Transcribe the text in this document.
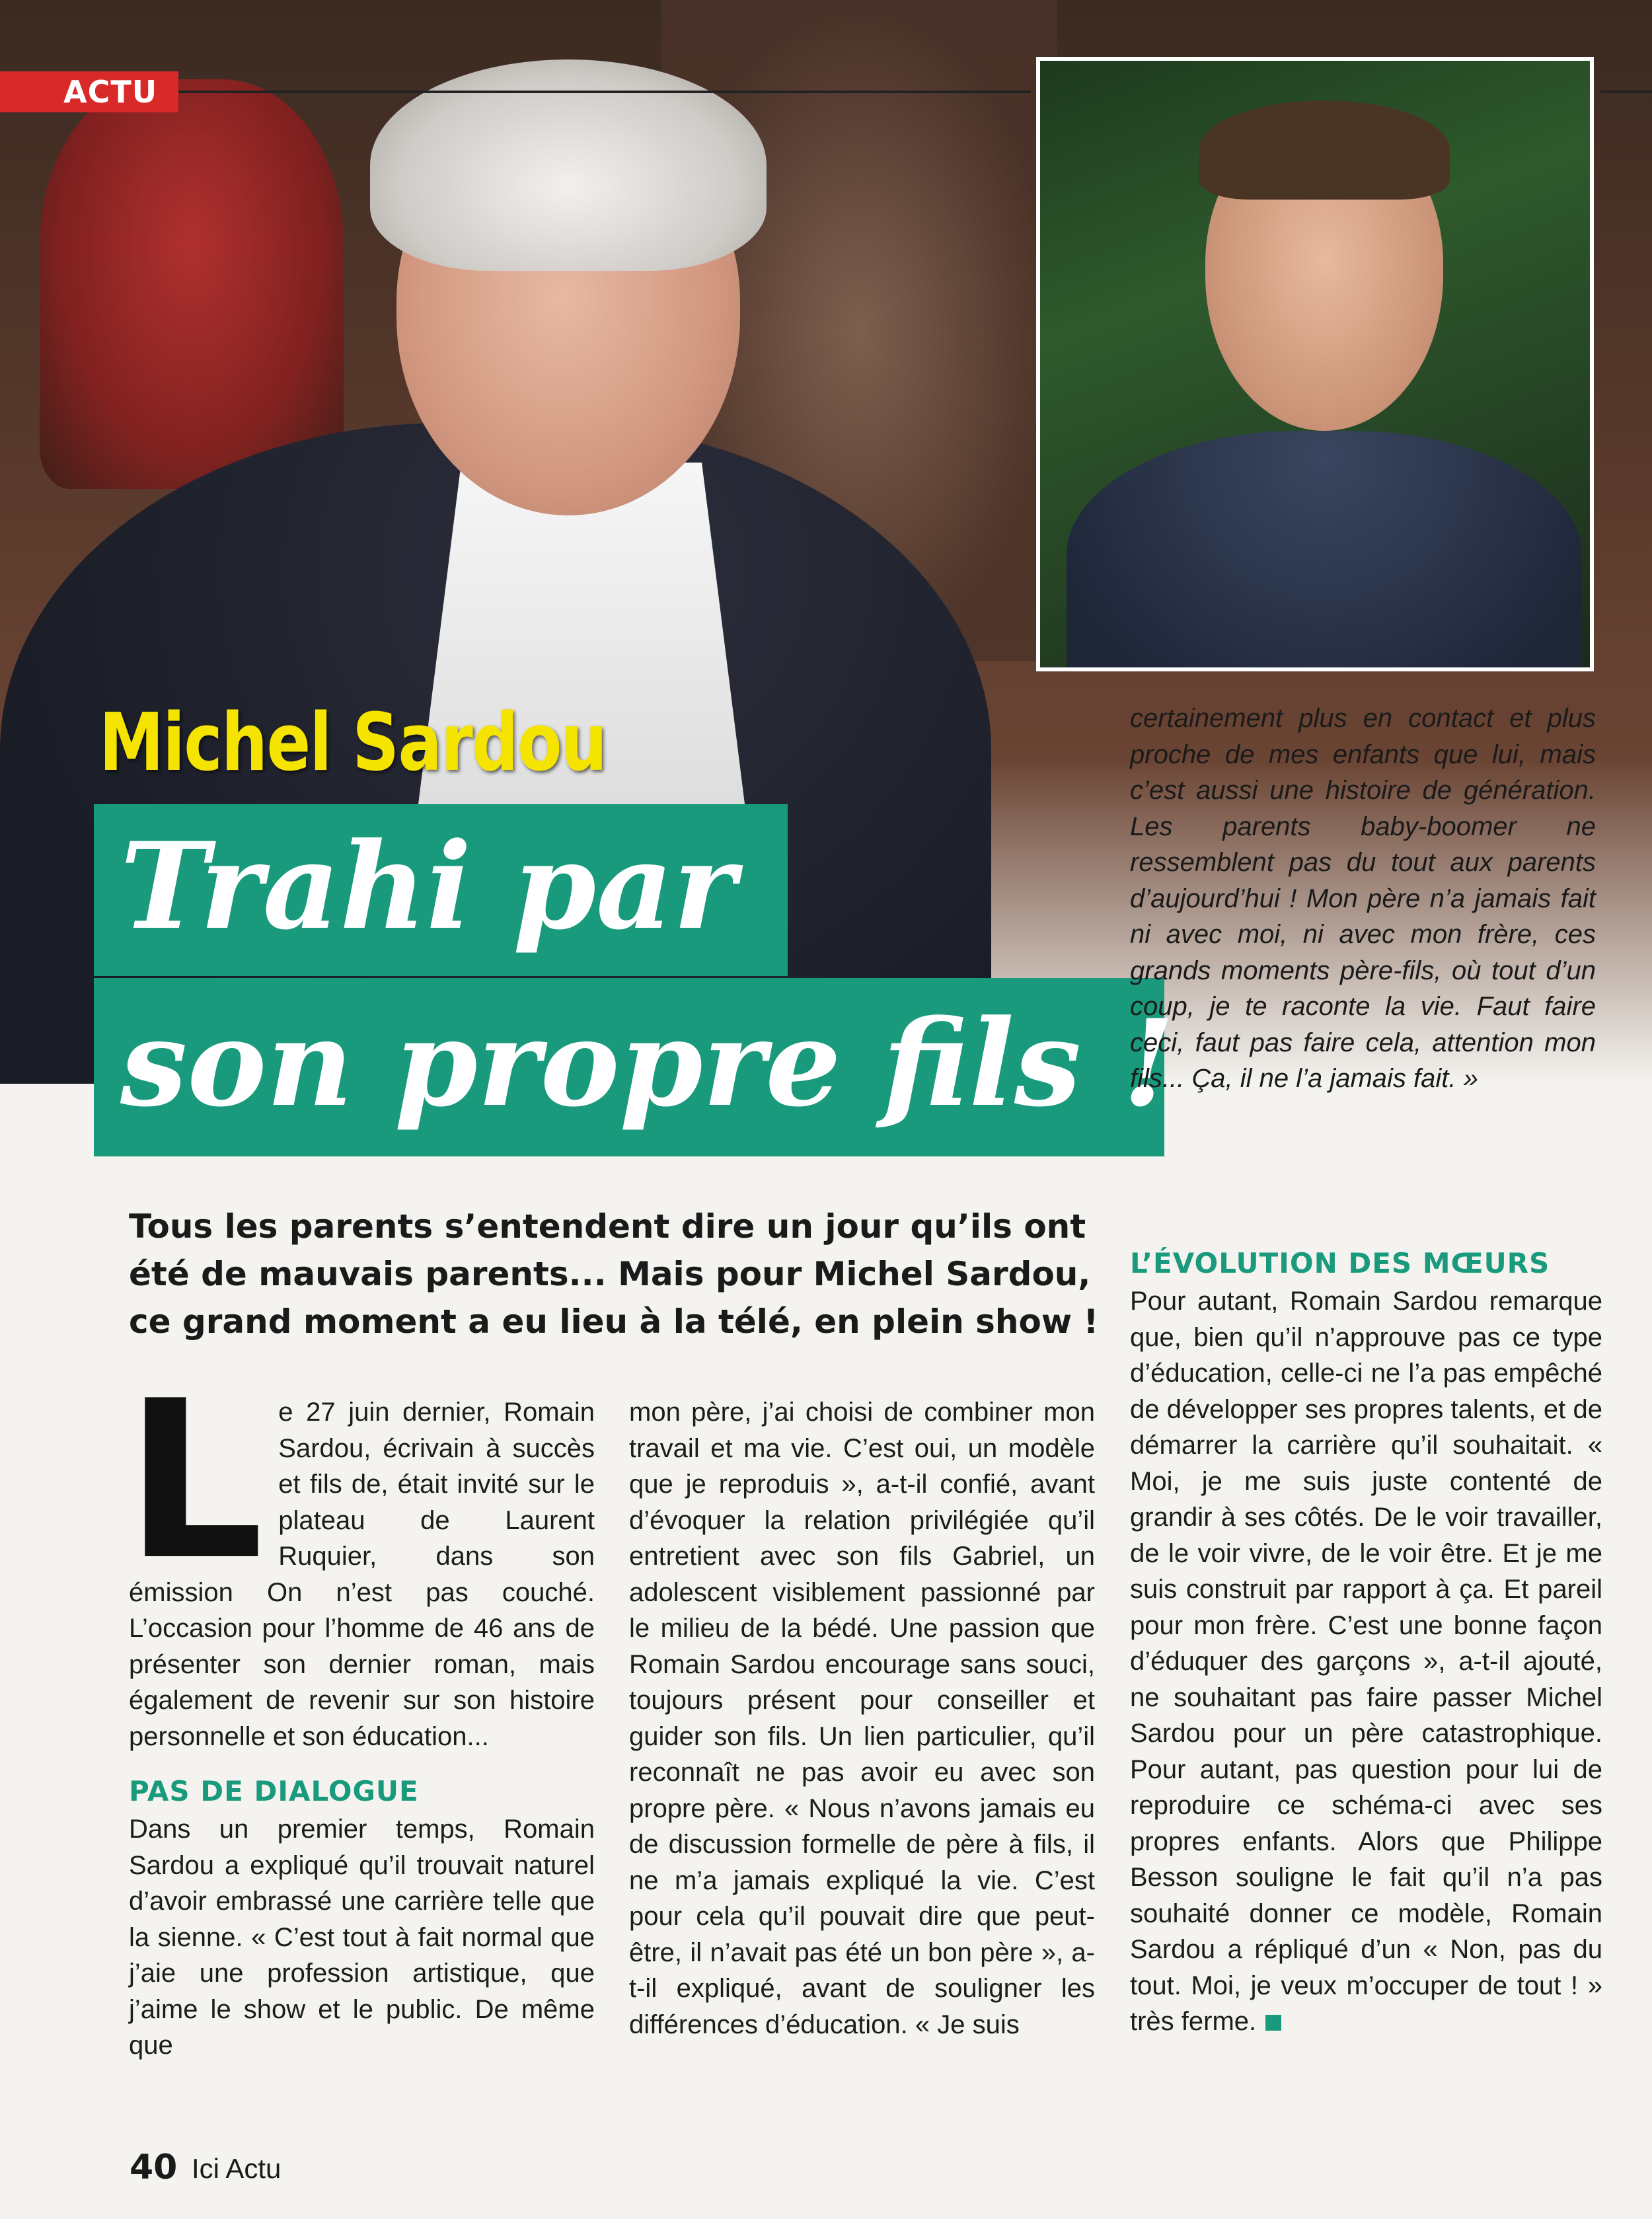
ACTU
Michel Sardou
Trahi par
son propre fils !
Tous les parents s’entendent dire un jour qu’ils ont été de mauvais parents... Mais pour Michel Sardou, ce grand moment a eu lieu à la télé, en plein show !
L e 27 juin dernier, Romain Sardou, écrivain à succès et fils de, était invité sur le plateau de Laurent Ruquier, dans son émission On n’est pas couché. L’occasion pour l’homme de 46 ans de présenter son dernier roman, mais également de revenir sur son histoire personnelle et son éducation...
PAS DE DIALOGUE
Dans un premier temps, Romain Sardou a expliqué qu’il trouvait naturel d’avoir embrassé une carrière telle que la sienne. « C’est tout à fait normal que j’aie une profession artistique, que j’aime le show et le public. De même que
mon père, j’ai choisi de combiner mon travail et ma vie. C’est oui, un modèle que je reproduis », a-t-il confié, avant d’évoquer la relation privilégiée qu’il entretient avec son fils Gabriel, un adolescent visiblement passionné par le milieu de la bédé. Une passion que Romain Sardou encourage sans souci, toujours présent pour conseiller et guider son fils. Un lien particulier, qu’il reconnaît ne pas avoir eu avec son propre père. « Nous n’avons jamais eu de discussion formelle de père à fils, il ne m’a jamais expliqué la vie. C’est pour cela qu’il pouvait dire que peut-être, il n’avait pas été un bon père », a-t-il expliqué, avant de souligner les différences d’éducation. « Je suis
certainement plus en contact et plus proche de mes enfants que lui, mais c’est aussi une histoire de génération. Les parents baby-boomer ne ressemblent pas du tout aux parents d’aujourd’hui ! Mon père n’a jamais fait ni avec moi, ni avec mon frère, ces grands moments père-fils, où tout d’un coup, je te raconte la vie. Faut faire ceci, faut pas faire cela, attention mon fils... Ça, il ne l’a jamais fait. »
L’ÉVOLUTION DES MŒURS
Pour autant, Romain Sardou remarque que, bien qu’il n’approuve pas ce type d’éducation, celle-ci ne l’a pas empêché de développer ses propres talents, et de démarrer la carrière qu’il souhaitait. « Moi, je me suis juste contenté de grandir à ses côtés. De le voir travailler, de le voir vivre, de le voir être. Et je me suis construit par rapport à ça. Et pareil pour mon frère. C’est une bonne façon d’éduquer des garçons », a-t-il ajouté, ne souhaitant pas faire passer Michel Sardou pour un père catastrophique. Pour autant, pas question pour lui de reproduire ce schéma-ci avec ses propres enfants. Alors que Philippe Besson souligne le fait qu’il n’a pas souhaité donner ce modèle, Romain Sardou a répliqué d’un « Non, pas du tout. Moi, je veux m’occuper de tout ! » très ferme.
40 Ici Actu
